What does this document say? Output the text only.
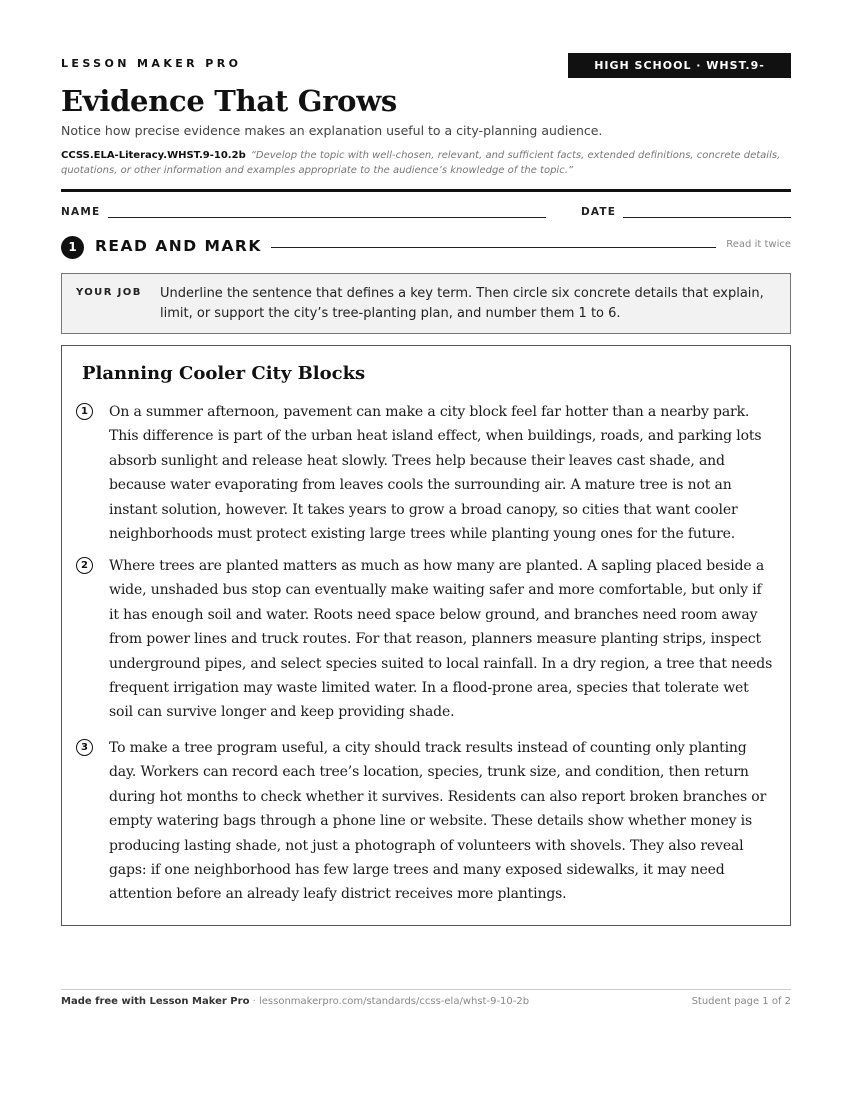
LESSON MAKER PRO	HIGH SCHOOL · WHST.9-10.2b
Evidence That Grows
Notice how precise evidence makes an explanation useful to a city-planning audience.
CCSS.ELA-Literacy.WHST.9-10.2b “Develop the topic with well-chosen, relevant, and sufficient facts, extended definitions, concrete details, quotations, or other information and examples appropriate to the audience’s knowledge of the topic.”
NAME	DATE
1	READ AND MARK	Read it twice
YOUR JOB Underline the sentence that defines a key term. Then circle six concrete details that explain, limit, or support the city’s tree-planting plan, and number them 1 to 6.
Planning Cooler City Blocks
1	On a summer afternoon, pavement can make a city block feel far hotter than a nearby park. This difference is part of the urban heat island effect, when buildings, roads, and parking lots absorb sunlight and release heat slowly. Trees help because their leaves cast shade, and because water evaporating from leaves cools the surrounding air. A mature tree is not an instant solution, however. It takes years to grow a broad canopy, so cities that want cooler neighborhoods must protect existing large trees while planting young ones for the future.

2	Where trees are planted matters as much as how many are planted. A sapling placed beside a wide, unshaded bus stop can eventually make waiting safer and more comfortable, but only if it has enough soil and water. Roots need space below ground, and branches need room away from power lines and truck routes. For that reason, planners measure planting strips, inspect underground pipes, and select species suited to local rainfall. In a dry region, a tree that needs frequent irrigation may waste limited water. In a flood-prone area, species that tolerate wet soil can survive longer and keep providing shade.

3	To make a tree program useful, a city should track results instead of counting only planting day. Workers can record each tree’s location, species, trunk size, and condition, then return during hot months to check whether it survives. Residents can also report broken branches or empty watering bags through a phone line or website. These details show whether money is producing lasting shade, not just a photograph of volunteers with shovels. They also reveal gaps: if one neighborhood has few large trees and many exposed sidewalks, it may need attention before an already leafy district receives more plantings.

Made free with Lesson Maker Pro · lessonmakerpro.com/standards/ccss-ela/whst-9-10-2b	Student page 1 of 2
